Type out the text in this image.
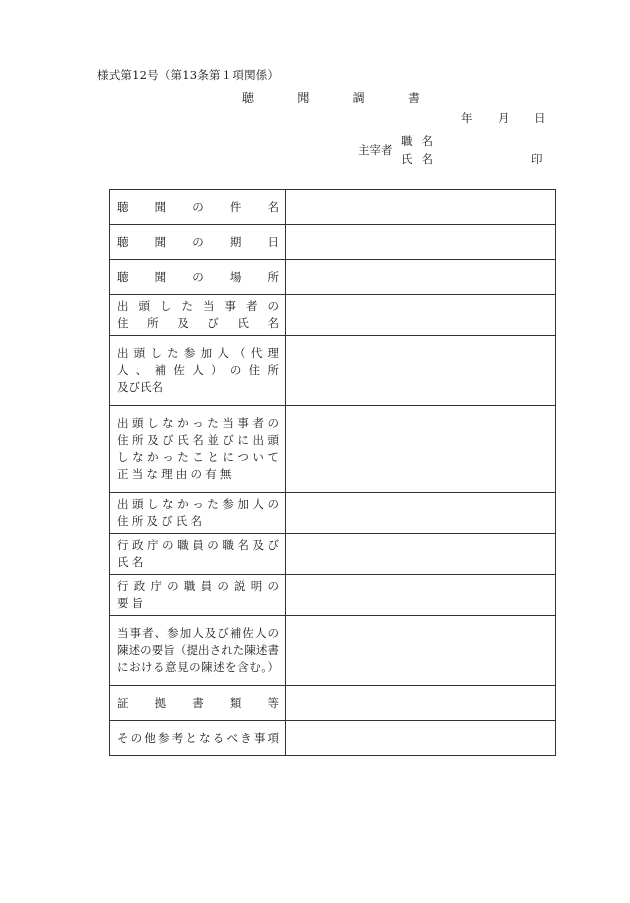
様式第12号（第13条第１項関係）
聴	聞	調	書
年 月 日
主宰者
職名
氏名	印
聴聞の件名	

聴聞の期日	

聴聞の場所	

出頭した当事者の
住所及び氏名	

出頭した参加人（代理
人、補佐人）の住所
及び氏名	

出頭しなかった当事者の
住所及び氏名並びに出頭
しなかったことについて
正当な理由の有無	

出頭しなかった参加人の
住所及び氏名	

行政庁の職員の職名及び
氏名	

行政庁の職員の説明の
要旨	

当事者、参加人及び補佐人の
陳述の要旨（提出された陳述書
における意見の陳述を含む。）	

証拠書類等	

その他参考となるべき事項	
